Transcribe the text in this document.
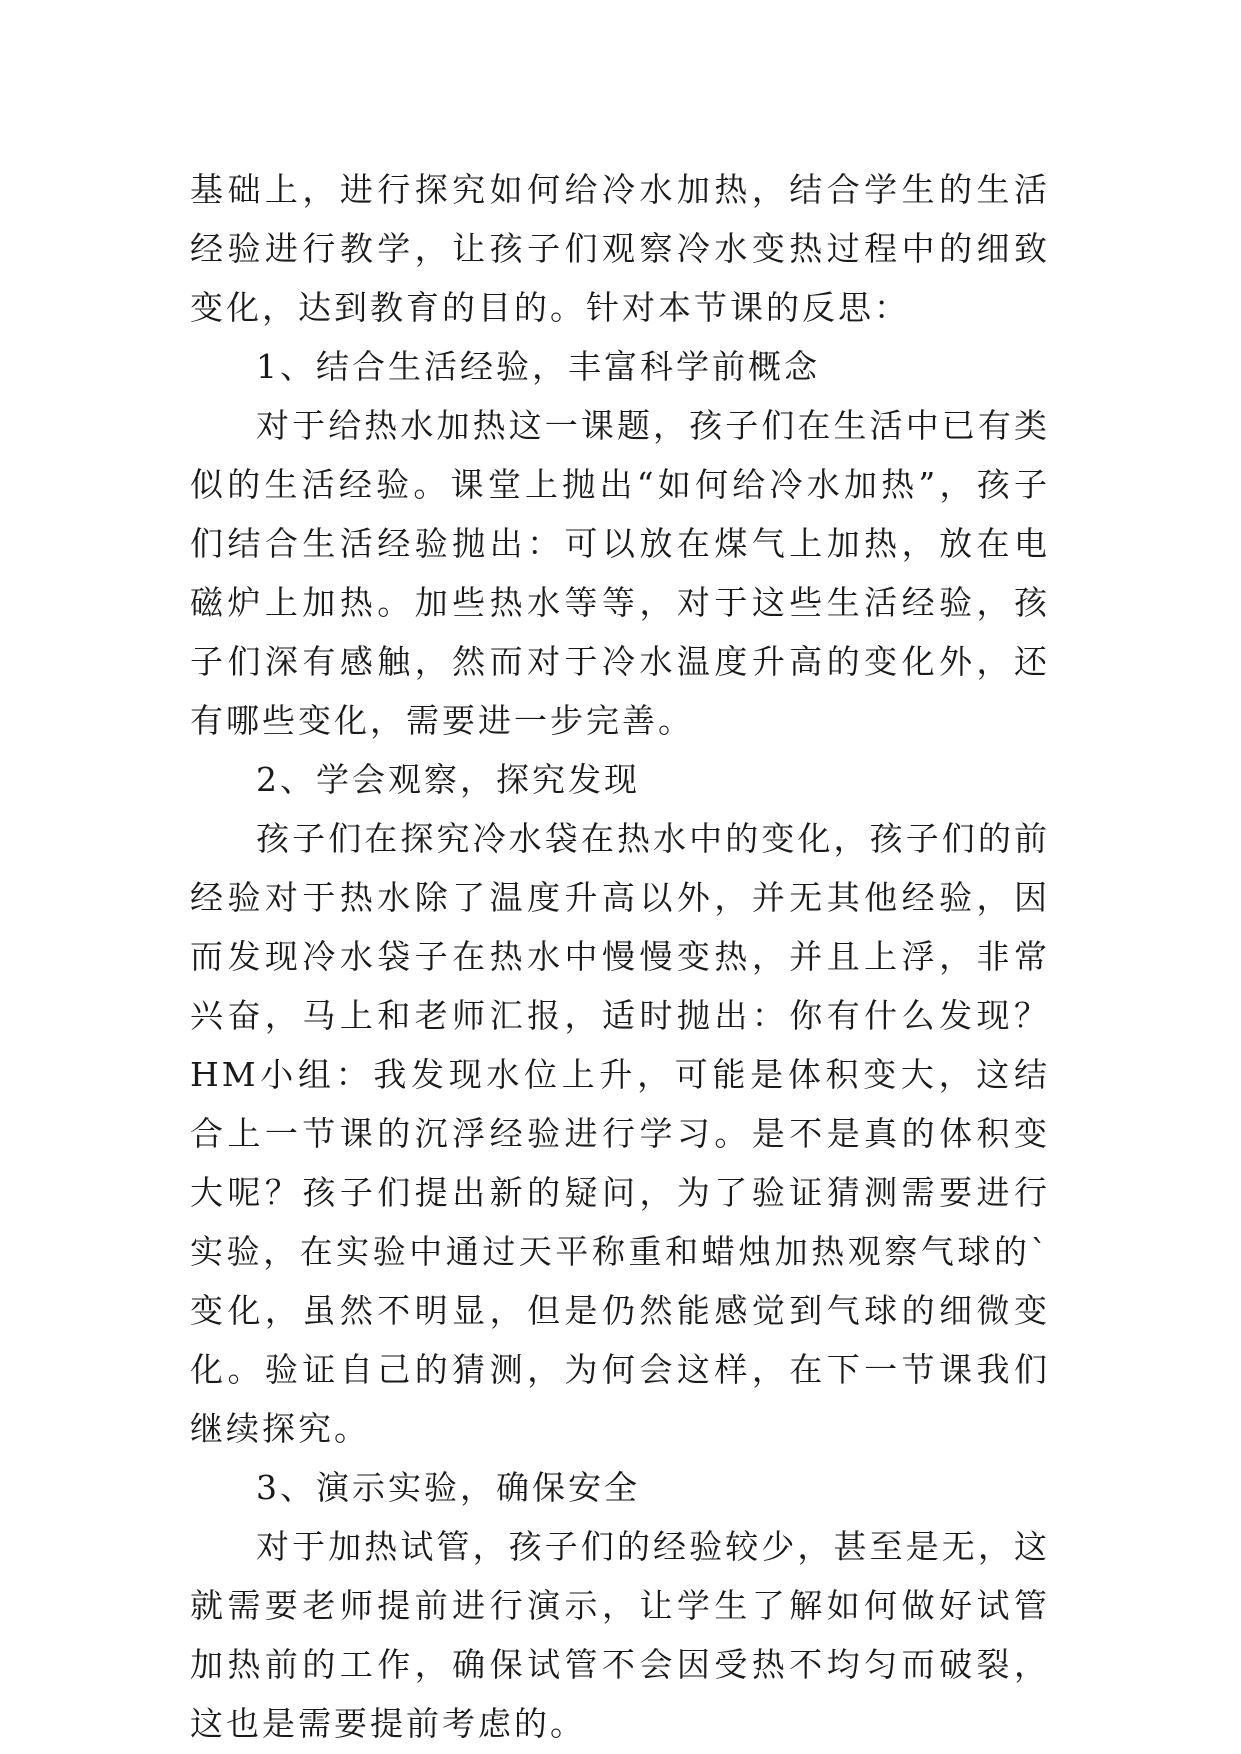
基础上，进行探究如何给冷水加热，结合学生的生活经验进行教学，让孩子们观察冷水变热过程中的细致变化，达到教育的目的。针对本节课的反思：

1、结合生活经验，丰富科学前概念

对于给热水加热这一课题，孩子们在生活中已有类似的生活经验。课堂上抛出“如何给冷水加热”，孩子们结合生活经验抛出：可以放在煤气上加热，放在电磁炉上加热。加些热水等等，对于这些生活经验，孩子们深有感触，然而对于冷水温度升高的变化外，还有哪些变化，需要进一步完善。

2、学会观察，探究发现

孩子们在探究冷水袋在热水中的变化，孩子们的前经验对于热水除了温度升高以外，并无其他经验，因而发现冷水袋子在热水中慢慢变热，并且上浮，非常兴奋，马上和老师汇报，适时抛出：你有什么发现？HM小组：我发现水位上升，可能是体积变大，这结合上一节课的沉浮经验进行学习。是不是真的体积变大呢？孩子们提出新的疑问，为了验证猜测需要进行实验，在实验中通过天平称重和蜡烛加热观察气球的`变化，虽然不明显，但是仍然能感觉到气球的细微变化。验证自己的猜测，为何会这样，在下一节课我们继续探究。

3、演示实验，确保安全

对于加热试管，孩子们的经验较少，甚至是无，这就需要老师提前进行演示，让学生了解如何做好试管加热前的工作，确保试管不会因受热不均匀而破裂，这也是需要提前考虑的。
